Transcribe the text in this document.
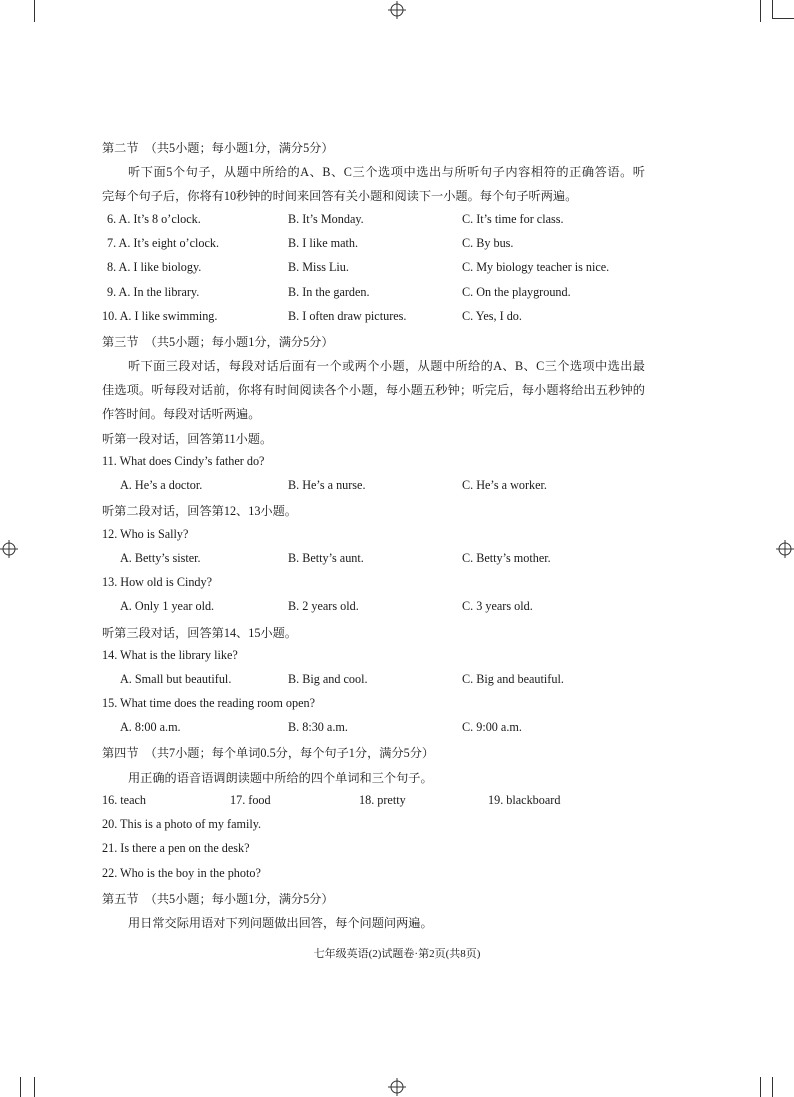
第二节　（共5小题；每小题1分，满分5分）
听下面5个句子，从题中所给的A、B、C三个选项中选出与所听句子内容相符的正确答语。听
完每个句子后，你将有10秒钟的时间来回答有关小题和阅读下一小题。每个句子听两遍。
6. A. It’s 8 o’clock.	B. It’s Monday.	C. It’s time for class.
7. A. It’s eight o’clock.	B. I like math.	C. By bus.
8. A. I like biology.	B. Miss Liu.	C. My biology teacher is nice.
9. A. In the library.	B. In the garden.	C. On the playground.
10. A. I like swimming.	B. I often draw pictures.	C. Yes, I do.
第三节　（共5小题；每小题1分，满分5分）
听下面三段对话，每段对话后面有一个或两个小题，从题中所给的A、B、C三个选项中选出最
佳选项。听每段对话前，你将有时间阅读各个小题，每小题五秒钟；听完后，每小题将给出五秒钟的
作答时间。每段对话听两遍。
听第一段对话，回答第11小题。
11. What does Cindy’s father do?
A. He’s a doctor.	B. He’s a nurse.	C. He’s a worker.
听第二段对话，回答第12、13小题。
12. Who is Sally?
A. Betty’s sister.	B. Betty’s aunt.	C. Betty’s mother.
13. How old is Cindy?
A. Only 1 year old.	B. 2 years old.	C. 3 years old.
听第三段对话，回答第14、15小题。
14. What is the library like?
A. Small but beautiful.	B. Big and cool.	C. Big and beautiful.
15. What time does the reading room open?
A. 8:00 a.m.	B. 8:30 a.m.	C. 9:00 a.m.
第四节　（共7小题；每个单词0.5分，每个句子1分，满分5分）
用正确的语音语调朗读题中所给的四个单词和三个句子。
16. teach	17. food	18. pretty	19. blackboard
20. This is a photo of my family.
21. Is there a pen on the desk?
22. Who is the boy in the photo?
第五节　（共5小题；每小题1分，满分5分）
用日常交际用语对下列问题做出回答，每个问题问两遍。
七年级英语(2)试题卷·第2页(共8页)
